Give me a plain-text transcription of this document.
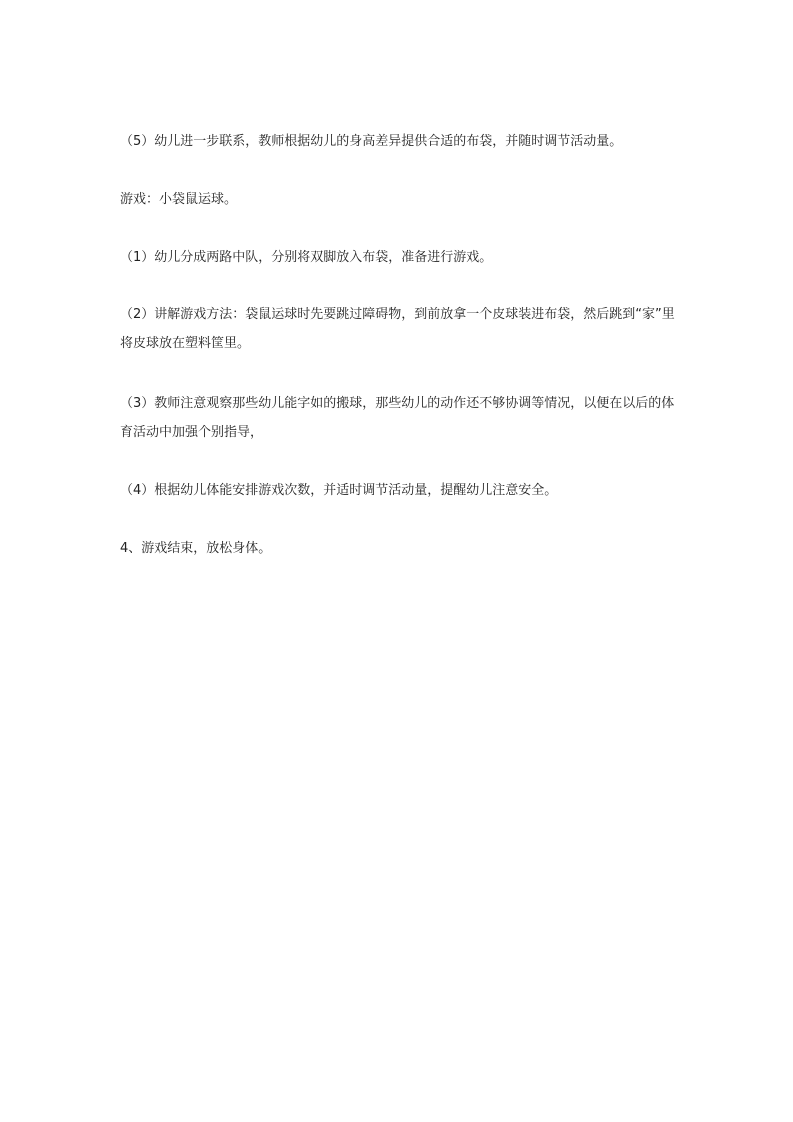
（5）幼儿进一步联系，教师根据幼儿的身高差异提供合适的布袋，并随时调节活动量。

游戏：小袋鼠运球。

（1）幼儿分成两路中队，分别将双脚放入布袋，准备进行游戏。

（2）讲解游戏方法：袋鼠运球时先要跳过障碍物，到前放拿一个皮球装进布袋，然后跳到“家”里将皮球放在塑料筐里。

（3）教师注意观察那些幼儿能字如的搬球，那些幼儿的动作还不够协调等情况，以便在以后的体育活动中加强个别指导，

（4）根据幼儿体能安排游戏次数，并适时调节活动量，提醒幼儿注意安全。

4、游戏结束，放松身体。
